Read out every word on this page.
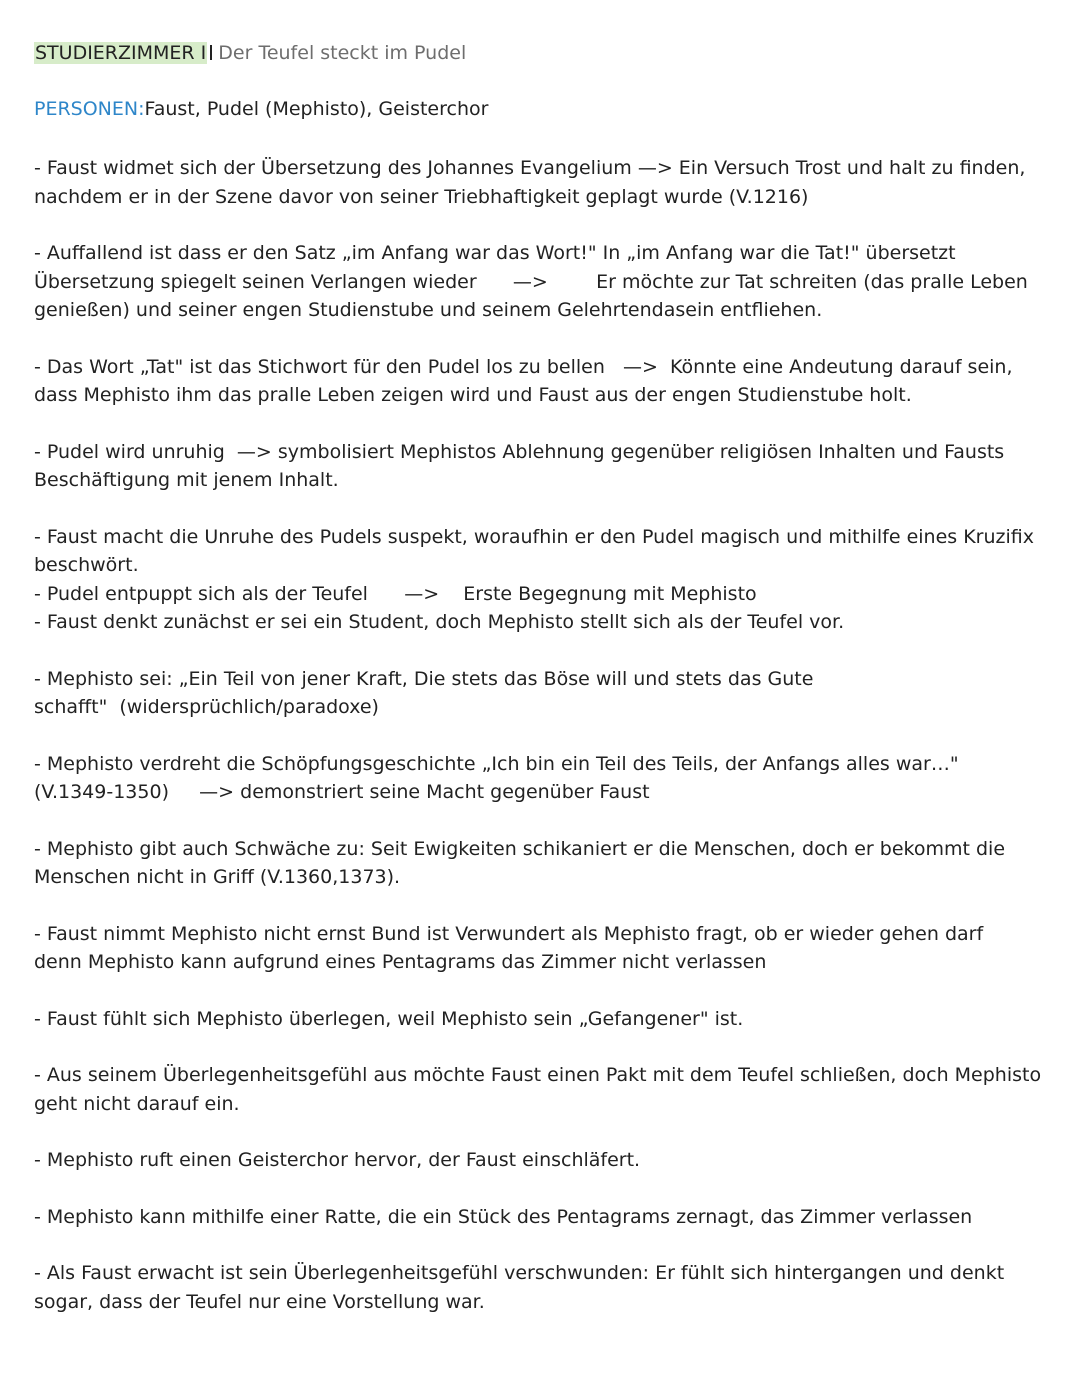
STUDIERZIMMER I Der Teufel steckt im Pudel
PERSONEN:Faust, Pudel (Mephisto), Geisterchor
- Faust widmet sich der Übersetzung des Johannes Evangelium —> Ein Versuch Trost und halt zu finden,
nachdem er in der Szene davor von seiner Triebhaftigkeit geplagt wurde (V.1216)
- Auffallend ist dass er den Satz „im Anfang war das Wort!" In „im Anfang war die Tat!" übersetzt
Übersetzung spiegelt seinen Verlangen wieder      —>        Er möchte zur Tat schreiten (das pralle Leben
genießen) und seiner engen Studienstube und seinem Gelehrtendasein entfliehen.
- Das Wort „Tat" ist das Stichwort für den Pudel los zu bellen   —>  Könnte eine Andeutung darauf sein,
dass Mephisto ihm das pralle Leben zeigen wird und Faust aus der engen Studienstube holt.
- Pudel wird unruhig  —> symbolisiert Mephistos Ablehnung gegenüber religiösen Inhalten und Fausts
Beschäftigung mit jenem Inhalt.
- Faust macht die Unruhe des Pudels suspekt, woraufhin er den Pudel magisch und mithilfe eines Kruzifix
beschwört.
- Pudel entpuppt sich als der Teufel      —>    Erste Begegnung mit Mephisto
- Faust denkt zunächst er sei ein Student, doch Mephisto stellt sich als der Teufel vor.
- Mephisto sei: „Ein Teil von jener Kraft, Die stets das Böse will und stets das Gute
schafft"  (widersprüchlich/paradoxe)
- Mephisto verdreht die Schöpfungsgeschichte „Ich bin ein Teil des Teils, der Anfangs alles war…"
(V.1349-1350)     —> demonstriert seine Macht gegenüber Faust
- Mephisto gibt auch Schwäche zu: Seit Ewigkeiten schikaniert er die Menschen, doch er bekommt die
Menschen nicht in Griff (V.1360,1373).
- Faust nimmt Mephisto nicht ernst Bund ist Verwundert als Mephisto fragt, ob er wieder gehen darf
denn Mephisto kann aufgrund eines Pentagrams das Zimmer nicht verlassen
- Faust fühlt sich Mephisto überlegen, weil Mephisto sein „Gefangener" ist.
- Aus seinem Überlegenheitsgefühl aus möchte Faust einen Pakt mit dem Teufel schließen, doch Mephisto
geht nicht darauf ein.
- Mephisto ruft einen Geisterchor hervor, der Faust einschläfert.
- Mephisto kann mithilfe einer Ratte, die ein Stück des Pentagrams zernagt, das Zimmer verlassen
- Als Faust erwacht ist sein Überlegenheitsgefühl verschwunden: Er fühlt sich hintergangen und denkt
sogar, dass der Teufel nur eine Vorstellung war.
